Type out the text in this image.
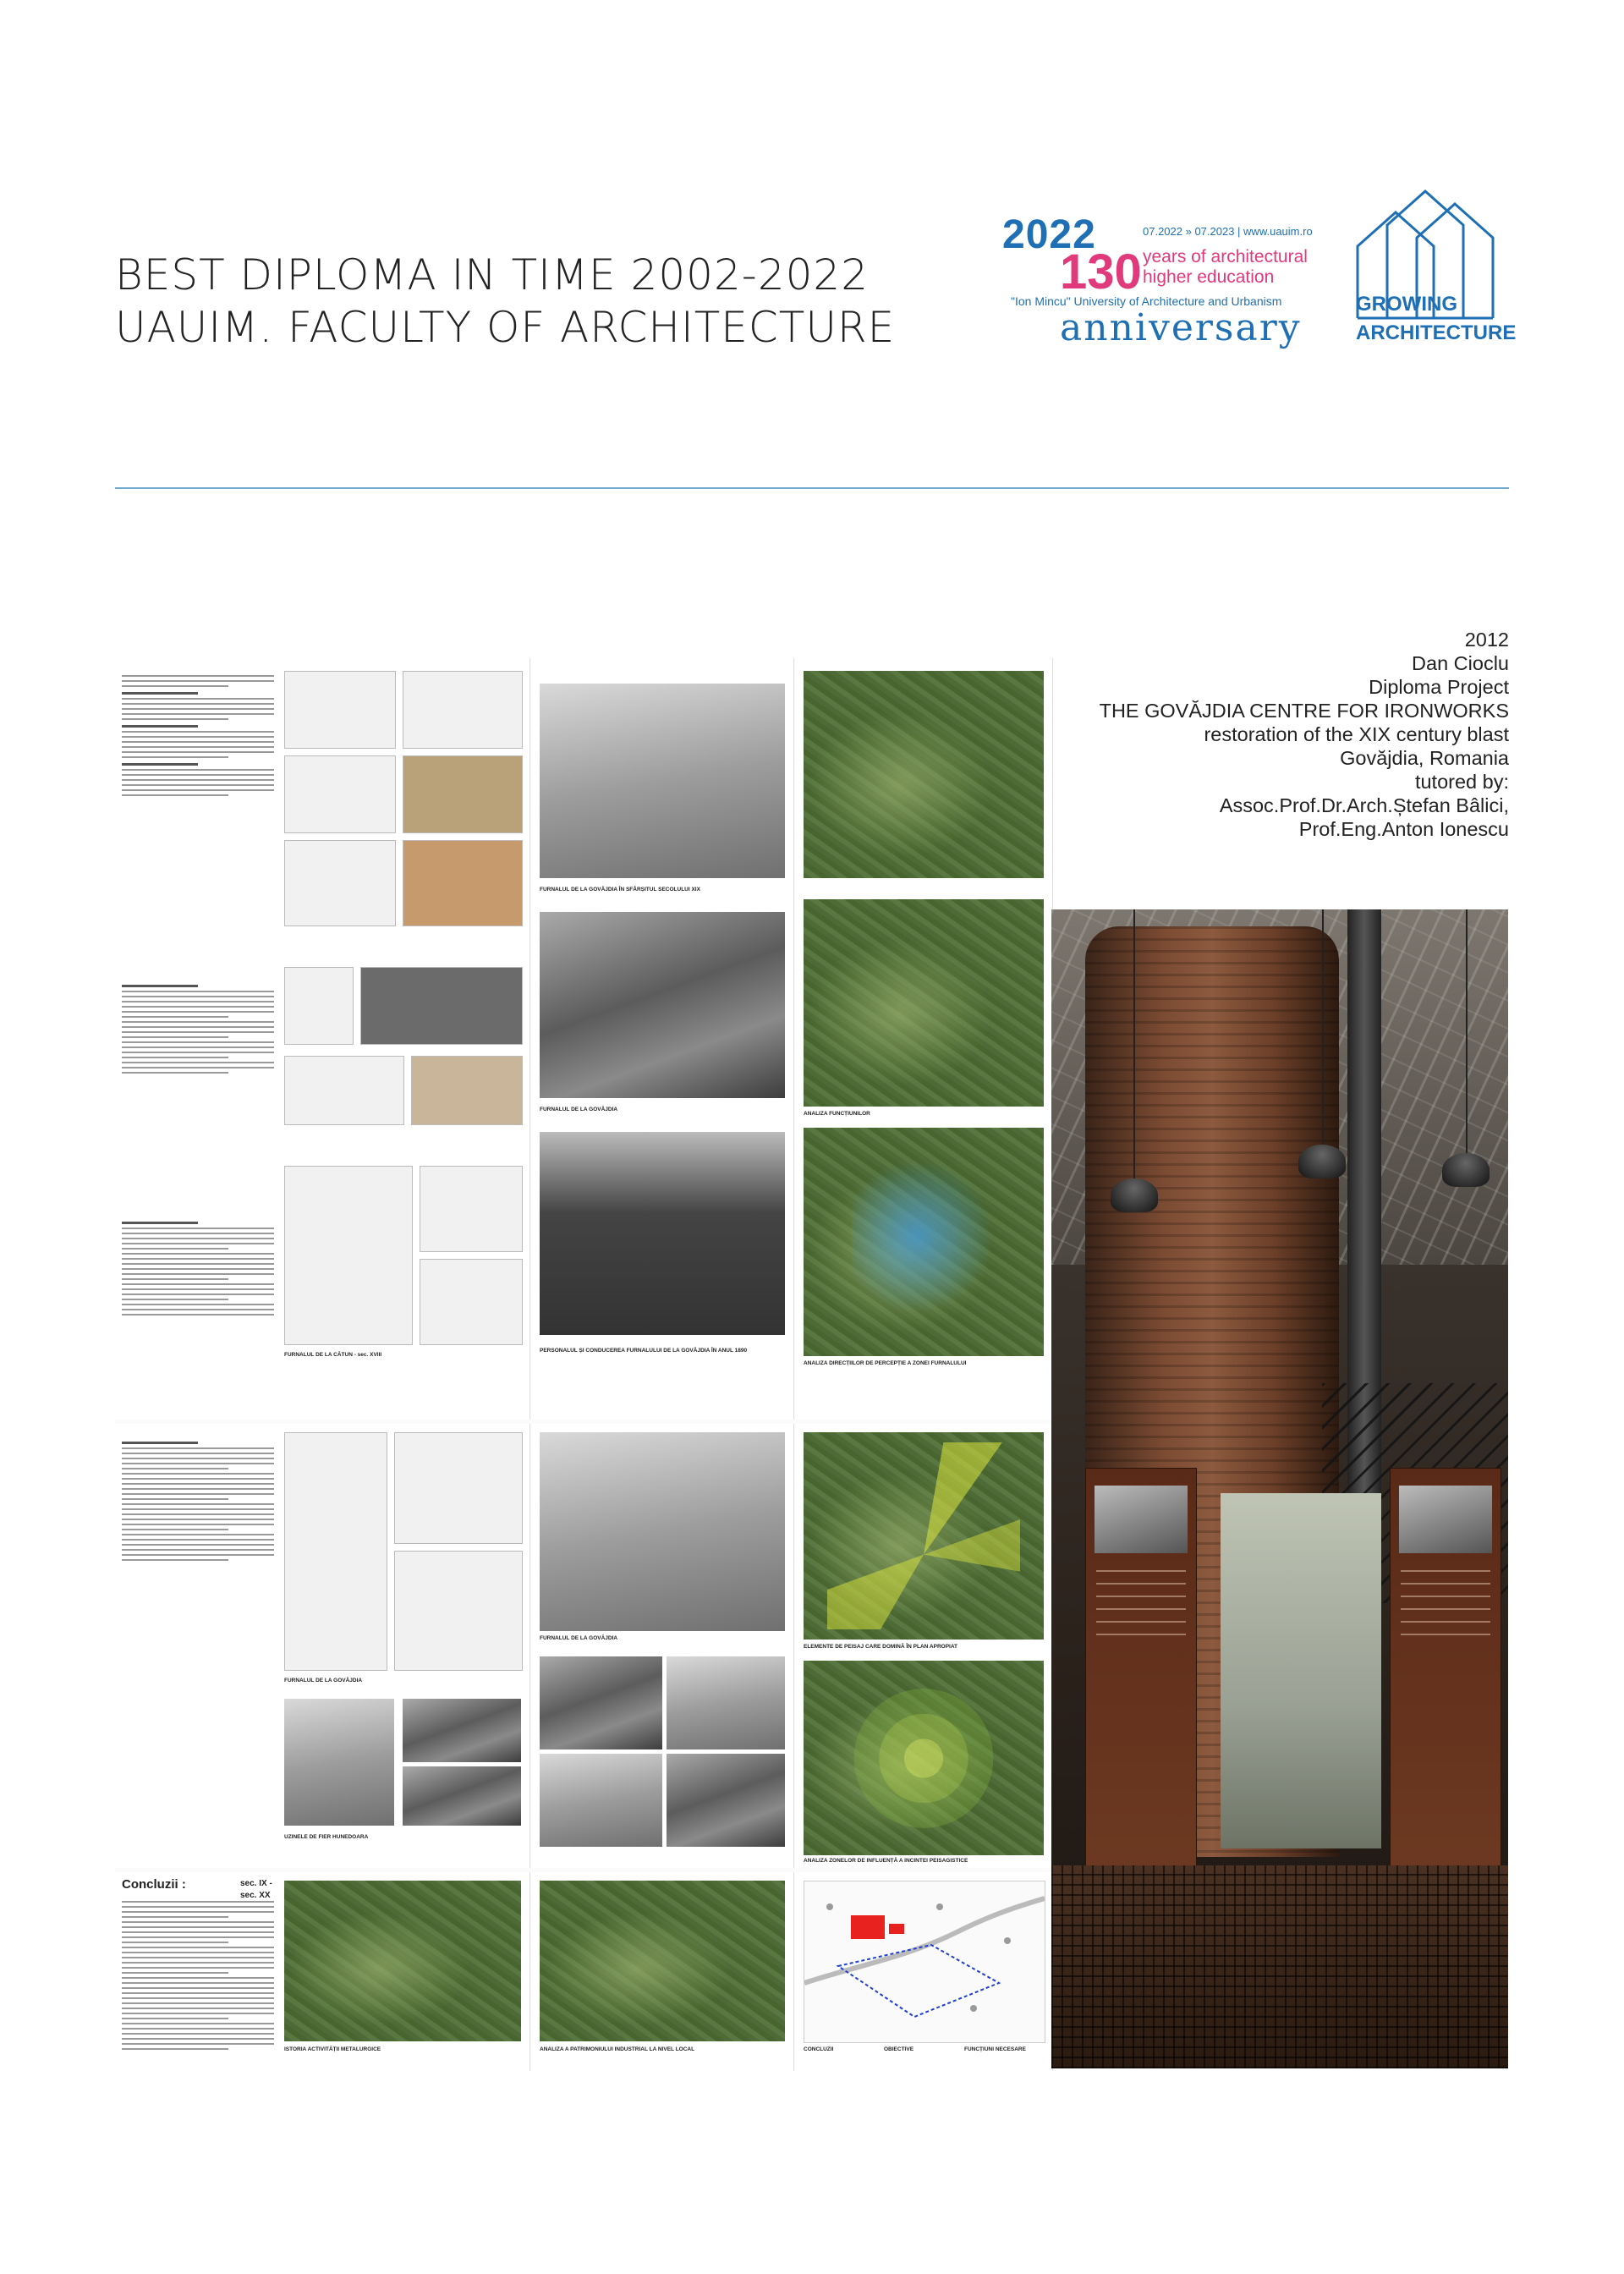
BEST DIPLOMA IN TIME 2002-2022
UAUIM. FACULTY OF ARCHITECTURE
2022	07.2022 » 07.2023 | www.uauim.ro
130 years of architectural
higher education
"Ion Mincu" University of Architecture and Urbanism
anniversary
GROWING
ARCHITECTURE
2012
Dan Cioclu
Diploma Project
THE GOVĂJDIA CENTRE FOR IRONWORKS
restoration of the XIX century blast
Govăjdia, Romania
tutored by:
Assoc.Prof.Dr.Arch.Ștefan Bâlici,
Prof.Eng.Anton Ionescu
FURNALUL DE LA CĂTUN - sec. XVIII
FURNALUL DE LA GOVĂJDIA ÎN SFÂRȘITUL SECOLULUI XIX
FURNALUL DE LA GOVĂJDIA
PERSONALUL ȘI CONDUCEREA FURNALULUI DE LA GOVĂJDIA ÎN ANUL 1890
ANALIZA FUNCȚIUNILOR
ANALIZA DIRECȚIILOR DE PERCEPȚIE A ZONEI FURNALULUI
FURNALUL DE LA GOVĂJDIA
UZINELE DE FIER HUNEDOARA
FURNALUL DE LA GOVĂJDIA
ELEMENTE DE PEISAJ CARE DOMINĂ ÎN PLAN APROPIAT
ANALIZA ZONELOR DE INFLUENȚĂ A INCINTEI PEISAGISTICE
Concluzii :	sec. IX -
sec. XX
ISTORIA ACTIVITĂȚII METALURGICE	ANALIZA A PATRIMONIULUI INDUSTRIAL LA NIVEL LOCAL	CONCLUZII	OBIECTIVE	FUNCȚIUNI NECESARE
